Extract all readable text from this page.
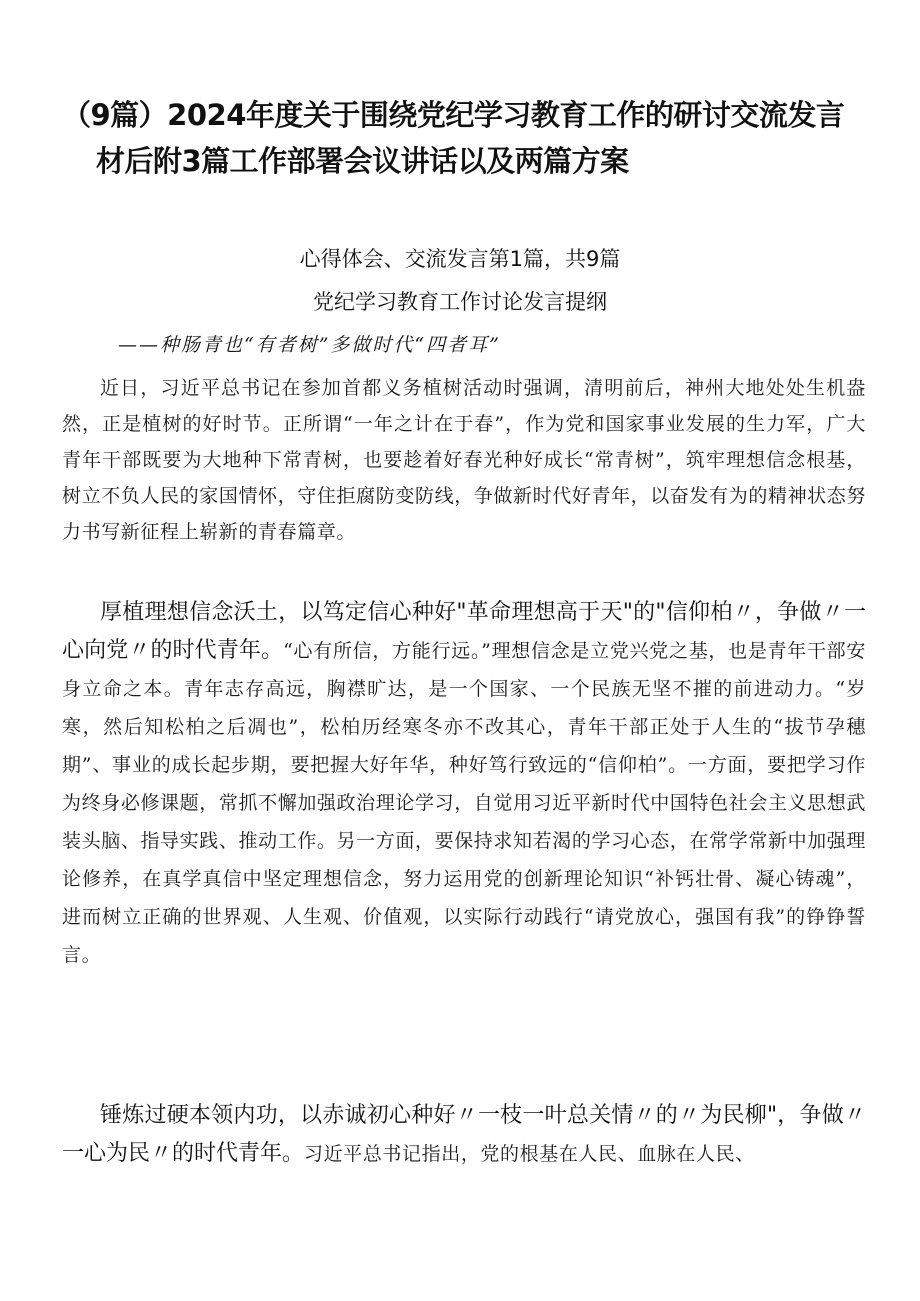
（9篇）2024年度关于围绕党纪学习教育工作的研讨交流发言
材后附3篇工作部署会议讲话以及两篇方案
心得体会、交流发言第1篇，共9篇
党纪学习教育工作讨论发言提纲
——种肠青也“有者树”多做时代“四者耳”

近日，习近平总书记在参加首都义务植树活动时强调，清明前后，神州大地处处生机盎然，正是植树的好时节。正所谓“一年之计在于春”，作为党和国家事业发展的生力军，广大青年干部既要为大地种下常青树，也要趁着好春光种好成长“常青树”，筑牢理想信念根基，树立不负人民的家国情怀，守住拒腐防变防线，争做新时代好青年，以奋发有为的精神状态努力书写新征程上崭新的青春篇章。

厚植理想信念沃土，以笃定信心种好"革命理想高于天"的"信仰柏〃，争做〃一心向党〃的时代青年。“心有所信，方能行远。”理想信念是立党兴党之基，也是青年干部安身立命之本。青年志存高远，胸襟旷达，是一个国家、一个民族无坚不摧的前进动力。“岁寒，然后知松柏之后凋也”，松柏历经寒冬亦不改其心，青年干部正处于人生的“拔节孕穗期”、事业的成长起步期，要把握大好年华，种好笃行致远的“信仰柏”。一方面，要把学习作为终身必修课题，常抓不懈加强政治理论学习，自觉用习近平新时代中国特色社会主义思想武装头脑、指导实践、推动工作。另一方面，要保持求知若渴的学习心态，在常学常新中加强理论修养，在真学真信中坚定理想信念，努力运用党的创新理论知识“补钙壮骨、凝心铸魂”，进而树立正确的世界观、人生观、价值观，以实际行动践行“请党放心，强国有我”的铮铮誓言。

锤炼过硬本领内功，以赤诚初心种好〃一枝一叶总关情〃的〃为民柳"，争做〃一心为民〃的时代青年。习近平总书记指出，党的根基在人民、血脉在人民、
